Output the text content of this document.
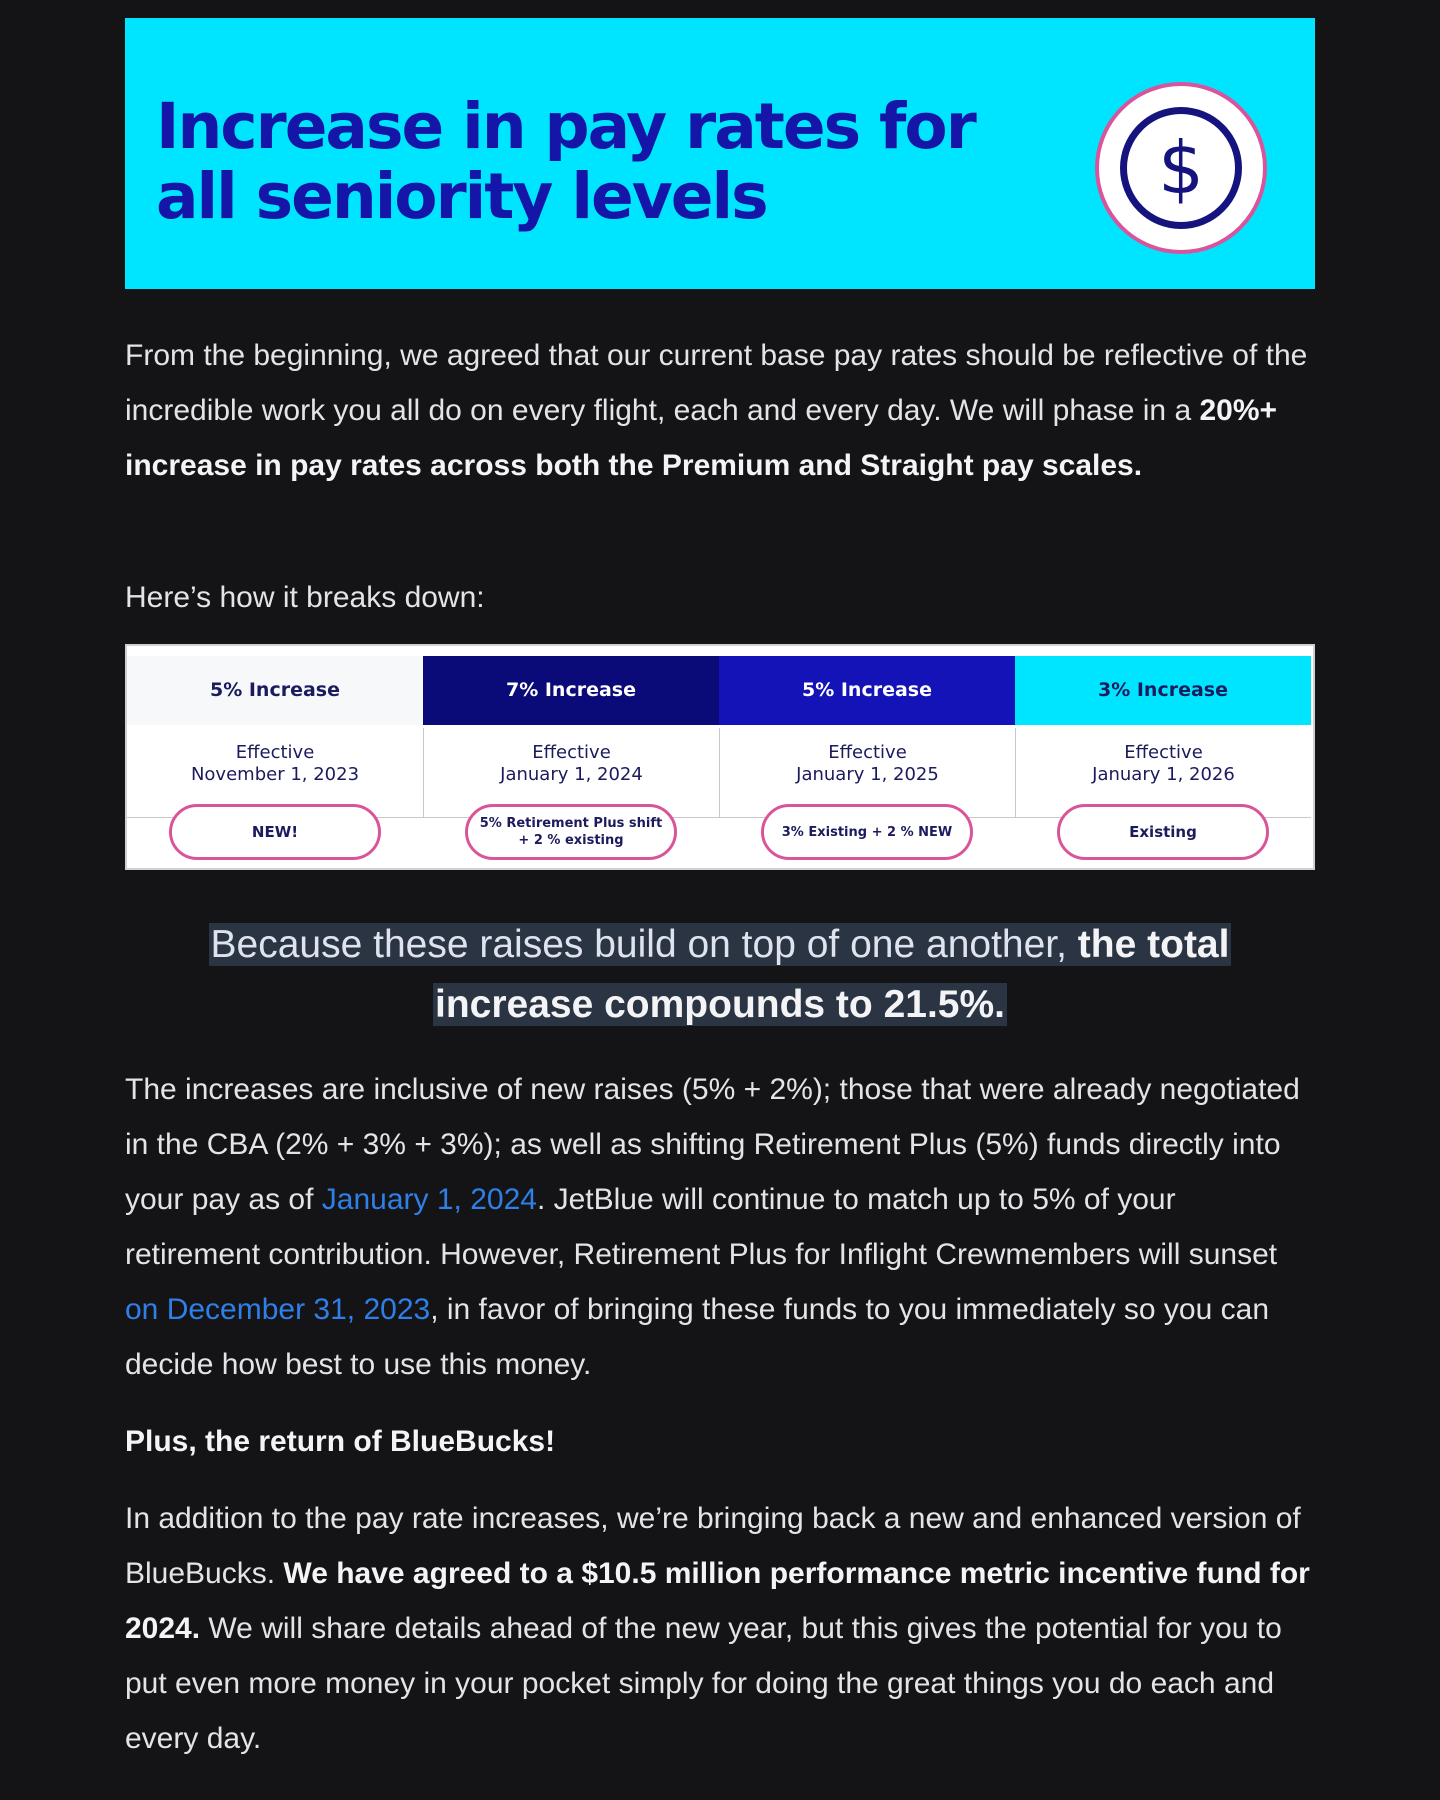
Increase in pay rates for all seniority levels	$

From the beginning, we agreed that our current base pay rates should be reflective of the incredible work you all do on every flight, each and every day. We will phase in a 20%+ increase in pay rates across both the Premium and Straight pay scales.

Here’s how it breaks down:

5% Increase
Effective
November 1, 2023
NEW!
7% Increase
Effective
January 1, 2024
5% Retirement Plus shift + 2 % existing
5% Increase
Effective
January 1, 2025
3% Existing + 2 % NEW
3% Increase
Effective
January 1, 2026
Existing

Because these raises build on top of one another, the total increase compounds to 21.5%.

The increases are inclusive of new raises (5% + 2%); those that were already negotiated in the CBA (2% + 3% + 3%); as well as shifting Retirement Plus (5%) funds directly into your pay as of January 1, 2024. JetBlue will continue to match up to 5% of your retirement contribution. However, Retirement Plus for Inflight Crewmembers will sunset on December 31, 2023, in favor of bringing these funds to you immediately so you can decide how best to use this money.

Plus, the return of BlueBucks!

In addition to the pay rate increases, we’re bringing back a new and enhanced version of BlueBucks. We have agreed to a $10.5 million performance metric incentive fund for 2024. We will share details ahead of the new year, but this gives the potential for you to put even more money in your pocket simply for doing the great things you do each and every day.
